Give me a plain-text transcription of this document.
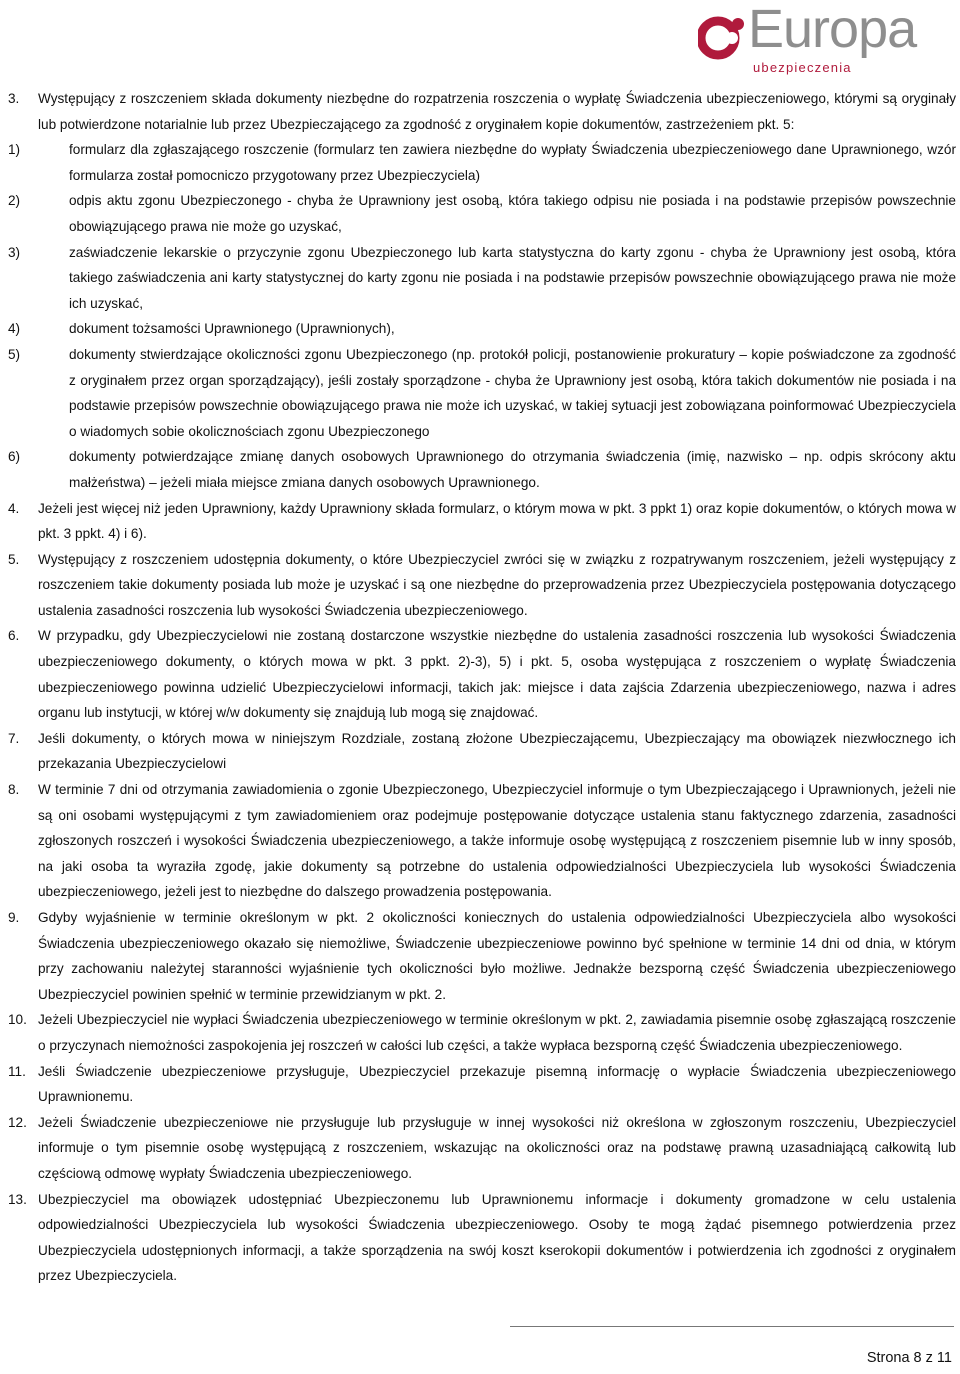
Europa
ubezpieczenia
3. Występujący z roszczeniem składa dokumenty niezbędne do rozpatrzenia roszczenia o wypłatę Świadczenia ubezpieczeniowego, którymi są oryginały lub potwierdzone notarialnie lub przez Ubezpieczającego za zgodność z oryginałem kopie dokumentów, zastrzeżeniem pkt. 5:
1)	formularz dla zgłaszającego roszczenie (formularz ten zawiera niezbędne do wypłaty Świadczenia ubezpieczeniowego dane Uprawnionego, wzór formularza został pomocniczo przygotowany przez Ubezpieczyciela)
2)	odpis aktu zgonu Ubezpieczonego - chyba że Uprawniony jest osobą, która takiego odpisu nie posiada i na podstawie przepisów powszechnie obowiązującego prawa nie może go uzyskać,
3)	zaświadczenie lekarskie o przyczynie zgonu Ubezpieczonego lub karta statystyczna do karty zgonu - chyba że Uprawniony jest osobą, która takiego zaświadczenia ani karty statystycznej do karty zgonu nie posiada i na podstawie przepisów powszechnie obowiązującego prawa nie może ich uzyskać,
4)	dokument tożsamości Uprawnionego (Uprawnionych),
5)	dokumenty stwierdzające okoliczności zgonu Ubezpieczonego (np. protokół policji, postanowienie prokuratury – kopie poświadczone za zgodność z oryginałem przez organ sporządzający), jeśli zostały sporządzone - chyba że Uprawniony jest osobą, która takich dokumentów nie posiada i na podstawie przepisów powszechnie obowiązującego prawa nie może ich uzyskać, w takiej sytuacji jest zobowiązana poinformować Ubezpieczyciela o wiadomych sobie okolicznościach zgonu Ubezpieczonego
6)	dokumenty potwierdzające zmianę danych osobowych Uprawnionego do otrzymania świadczenia (imię, nazwisko – np. odpis skrócony aktu małżeństwa) – jeżeli miała miejsce zmiana danych osobowych Uprawnionego.
4. Jeżeli jest więcej niż jeden Uprawniony, każdy Uprawniony składa formularz, o którym mowa w pkt. 3 ppkt 1) oraz kopie dokumentów, o których mowa w pkt. 3 ppkt. 4) i 6).
5. Występujący z roszczeniem udostępnia dokumenty, o które Ubezpieczyciel zwróci się w związku z rozpatrywanym roszczeniem, jeżeli występujący z roszczeniem takie dokumenty posiada lub może je uzyskać i są one niezbędne do przeprowadzenia przez Ubezpieczyciela postępowania dotyczącego ustalenia zasadności roszczenia lub wysokości Świadczenia ubezpieczeniowego.
6. W przypadku, gdy Ubezpieczycielowi nie zostaną dostarczone wszystkie niezbędne do ustalenia zasadności roszczenia lub wysokości Świadczenia ubezpieczeniowego dokumenty, o których mowa w pkt. 3 ppkt. 2)-3), 5) i pkt. 5, osoba występująca z roszczeniem o wypłatę Świadczenia ubezpieczeniowego powinna udzielić Ubezpieczycielowi informacji, takich jak: miejsce i data zajścia Zdarzenia ubezpieczeniowego, nazwa i adres organu lub instytucji, w której w/w dokumenty się znajdują lub mogą się znajdować.
7. Jeśli dokumenty, o których mowa w niniejszym Rozdziale, zostaną złożone Ubezpieczającemu, Ubezpieczający ma obowiązek niezwłocznego ich przekazania Ubezpieczycielowi
8. W terminie 7 dni od otrzymania zawiadomienia o zgonie Ubezpieczonego, Ubezpieczyciel informuje o tym Ubezpieczającego i Uprawnionych, jeżeli nie są oni osobami występującymi z tym zawiadomieniem oraz podejmuje postępowanie dotyczące ustalenia stanu faktycznego zdarzenia, zasadności zgłoszonych roszczeń i wysokości Świadczenia ubezpieczeniowego, a także informuje osobę występującą z roszczeniem pisemnie lub w inny sposób, na jaki osoba ta wyraziła zgodę, jakie dokumenty są potrzebne do ustalenia odpowiedzialności Ubezpieczyciela lub wysokości Świadczenia ubezpieczeniowego, jeżeli jest to niezbędne do dalszego prowadzenia postępowania.
9. Gdyby wyjaśnienie w terminie określonym w pkt. 2 okoliczności koniecznych do ustalenia odpowiedzialności Ubezpieczyciela albo wysokości Świadczenia ubezpieczeniowego okazało się niemożliwe, Świadczenie ubezpieczeniowe powinno być spełnione w terminie 14 dni od dnia, w którym przy zachowaniu należytej staranności wyjaśnienie tych okoliczności było możliwe. Jednakże bezsporną część Świadczenia ubezpieczeniowego Ubezpieczyciel powinien spełnić w terminie przewidzianym w pkt. 2.
10. Jeżeli Ubezpieczyciel nie wypłaci Świadczenia ubezpieczeniowego w terminie określonym w pkt. 2, zawiadamia pisemnie osobę zgłaszającą roszczenie o przyczynach niemożności zaspokojenia jej roszczeń w całości lub części, a także wypłaca bezsporną część Świadczenia ubezpieczeniowego.
11. Jeśli Świadczenie ubezpieczeniowe przysługuje, Ubezpieczyciel przekazuje pisemną informację o wypłacie Świadczenia ubezpieczeniowego Uprawnionemu.
12. Jeżeli Świadczenie ubezpieczeniowe nie przysługuje lub przysługuje w innej wysokości niż określona w zgłoszonym roszczeniu, Ubezpieczyciel informuje o tym pisemnie osobę występującą z roszczeniem, wskazując na okoliczności oraz na podstawę prawną uzasadniającą całkowitą lub częściową odmowę wypłaty Świadczenia ubezpieczeniowego.
13. Ubezpieczyciel ma obowiązek udostępniać Ubezpieczonemu lub Uprawnionemu informacje i dokumenty gromadzone w celu ustalenia odpowiedzialności Ubezpieczyciela lub wysokości Świadczenia ubezpieczeniowego. Osoby te mogą żądać pisemnego potwierdzenia przez Ubezpieczyciela udostępnionych informacji, a także sporządzenia na swój koszt kserokopii dokumentów i potwierdzenia ich zgodności z oryginałem przez Ubezpieczyciela.
Strona 8 z 11
